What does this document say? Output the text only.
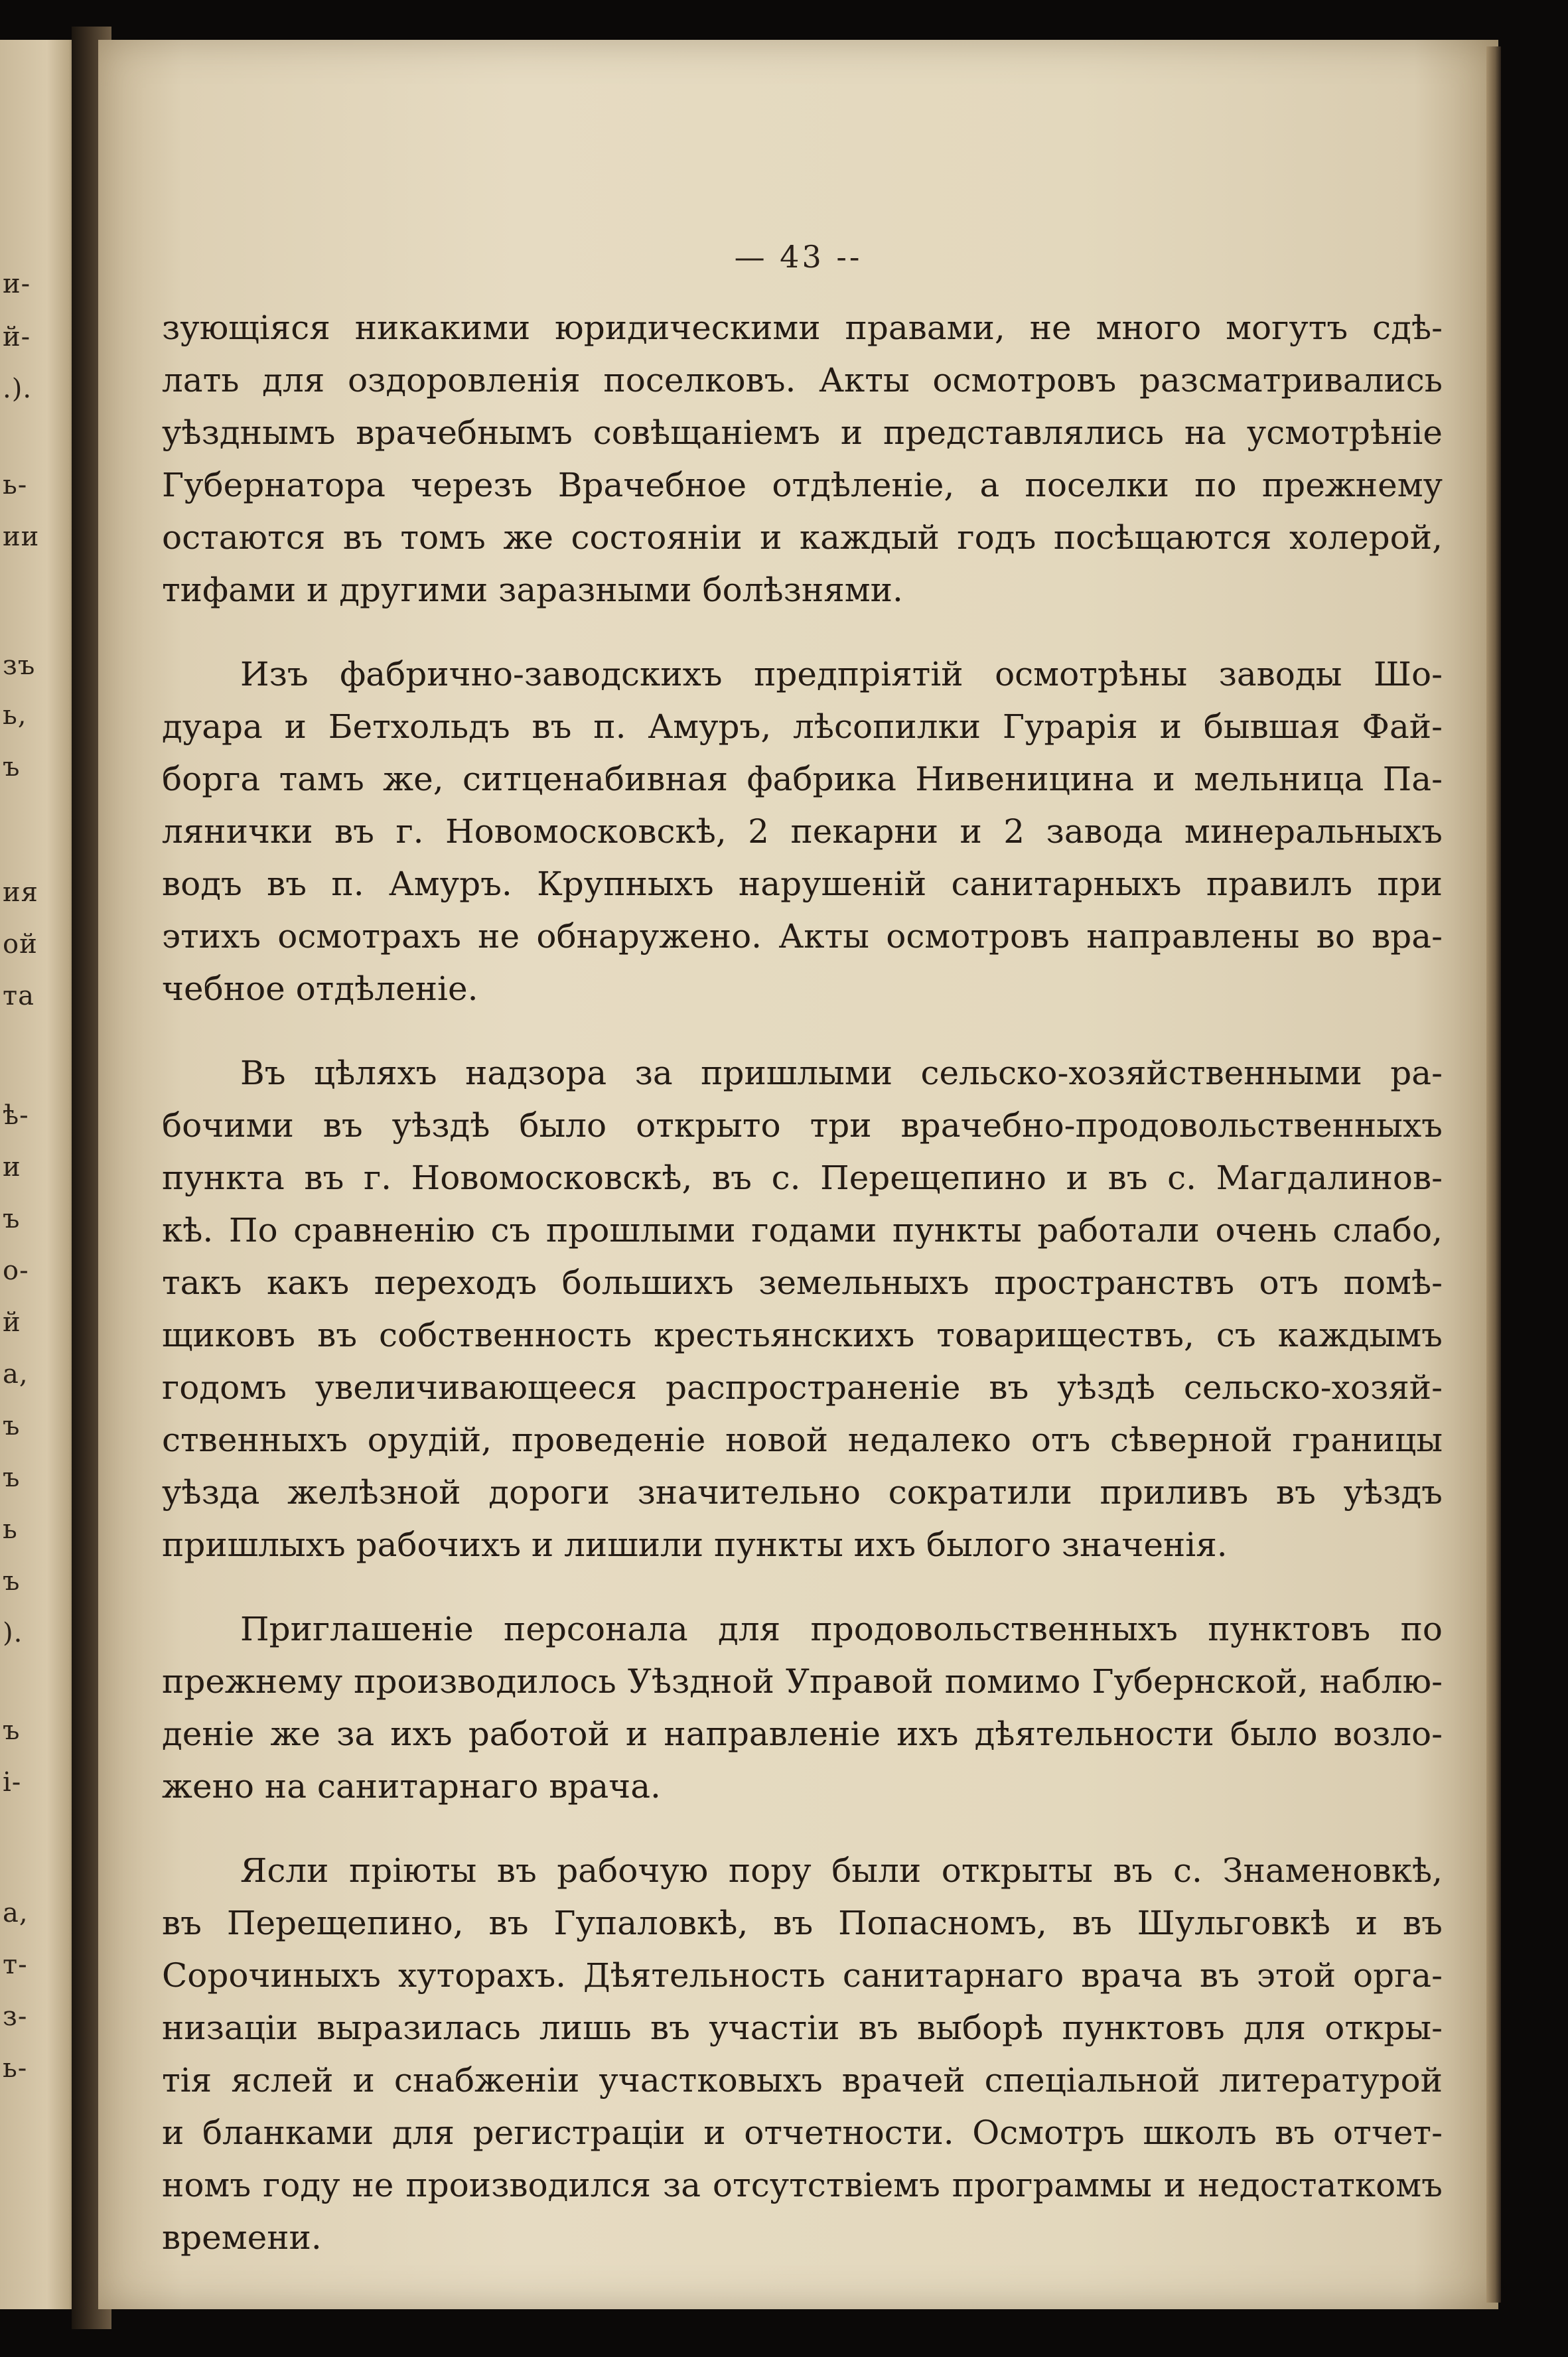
и-
й-
.).
ь-
ии
зъ
ь,
ъ
ия
ой
та
ѣ-
и
ъ
о-
й
а,
ъ
ъ
ь
ъ
).
ъ
і-
а,
т-
з-
ь-
— 43 --
зующіяся никакими юридическими правами, не много могутъ сдѣ-
лать для оздоровленія поселковъ. Акты осмотровъ разсматривались
уѣзднымъ врачебнымъ совѣщаніемъ и представлялись на усмотрѣніе
Губернатора черезъ Врачебное отдѣленіе, а поселки по прежнему
остаются въ томъ же состояніи и каждый годъ посѣщаются холерой,
тифами и другими заразными болѣзнями.
Изъ фабрично-заводскихъ предпріятій осмотрѣны заводы Шо-
дуара и Бетхольдъ въ п. Амуръ, лѣсопилки Гурарія и бывшая Фай-
борга тамъ же, ситценабивная фабрика Нивеницина и мельница Па-
лянички въ г. Новомосковскѣ, 2 пекарни и 2 завода минеральныхъ
водъ въ п. Амуръ. Крупныхъ нарушеній санитарныхъ правилъ при
этихъ осмотрахъ не обнаружено. Акты осмотровъ направлены во вра-
чебное отдѣленіе.
Въ цѣляхъ надзора за пришлыми сельско-хозяйственными ра-
бочими въ уѣздѣ было открыто три врачебно-продовольственныхъ
пункта въ г. Новомосковскѣ, въ с. Перещепино и въ с. Магдалинов-
кѣ. По сравненію съ прошлыми годами пункты работали очень слабо,
такъ какъ переходъ большихъ земельныхъ пространствъ отъ помѣ-
щиковъ въ собственность крестьянскихъ товариществъ, съ каждымъ
годомъ увеличивающееся распространеніе въ уѣздѣ сельско-хозяй-
ственныхъ орудій, проведеніе новой недалеко отъ сѣверной границы
уѣзда желѣзной дороги значительно сократили приливъ въ уѣздъ
пришлыхъ рабочихъ и лишили пункты ихъ былого значенія.
Приглашеніе персонала для продовольственныхъ пунктовъ по
прежнему производилось Уѣздной Управой помимо Губернской, наблю-
деніе же за ихъ работой и направленіе ихъ дѣятельности было возло-
жено на санитарнаго врача.
Ясли пріюты въ рабочую пору были открыты въ с. Знаменовкѣ,
въ Перещепино, въ Гупаловкѣ, въ Попасномъ, въ Шульговкѣ и въ
Сорочиныхъ хуторахъ. Дѣятельность санитарнаго врача въ этой орга-
низаціи выразилась лишь въ участіи въ выборѣ пунктовъ для откры-
тія яслей и снабженіи участковыхъ врачей спеціальной литературой
и бланками для регистраціи и отчетности. Осмотръ школъ въ отчет-
номъ году не производился за отсутствіемъ программы и недостаткомъ
времени.
